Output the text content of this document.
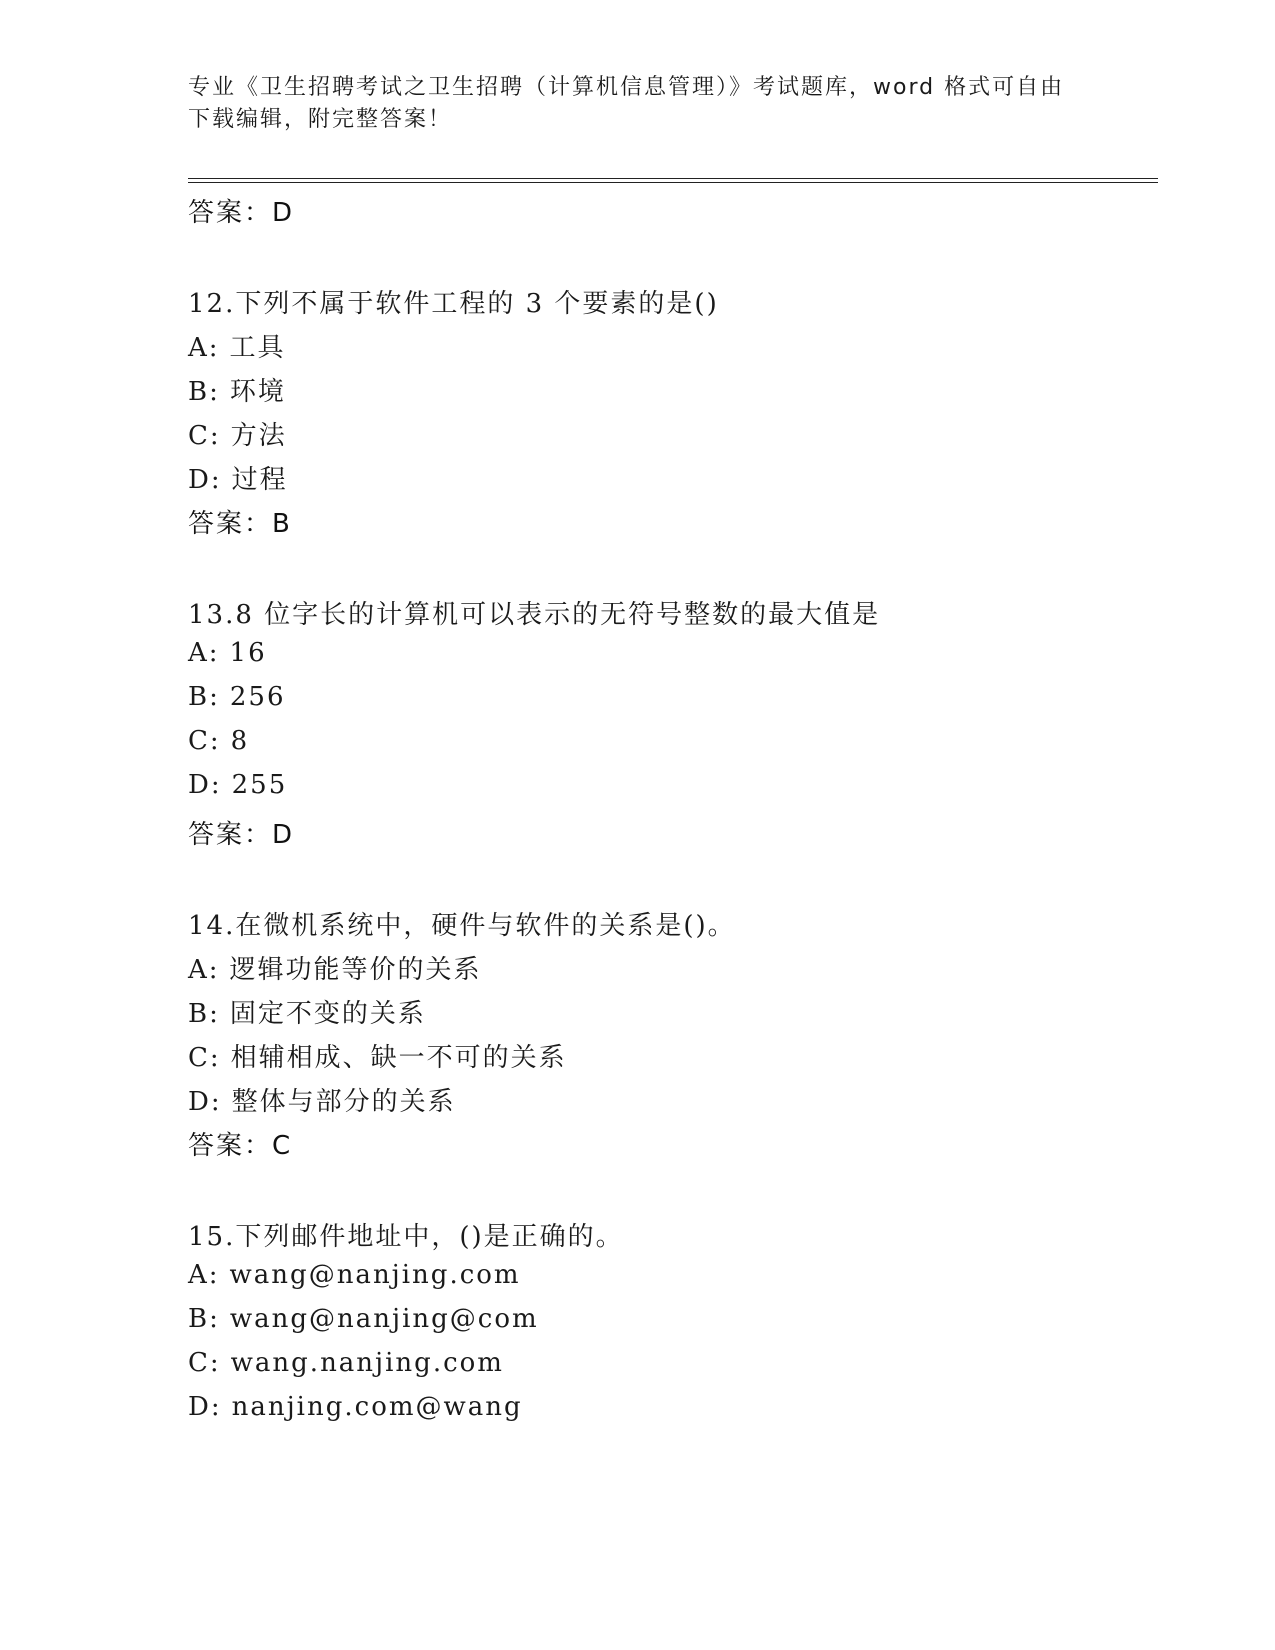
专业《卫生招聘考试之卫生招聘（计算机信息管理）》考试题库，word 格式可自由下载编辑，附完整答案！
答案：D
12.下列不属于软件工程的 3 个要素的是()
A: 工具
B: 环境
C: 方法
D: 过程
答案：B
13.8 位字长的计算机可以表示的无符号整数的最大值是
A: 16
B: 256
C: 8
D: 255
答案：D
14.在微机系统中，硬件与软件的关系是()。
A: 逻辑功能等价的关系
B: 固定不变的关系
C: 相辅相成、缺一不可的关系
D: 整体与部分的关系
答案：C
15.下列邮件地址中，()是正确的。
A: wang@nanjing.com
B: wang@nanjing@com
C: wang.nanjing.com
D: nanjing.com@wang
